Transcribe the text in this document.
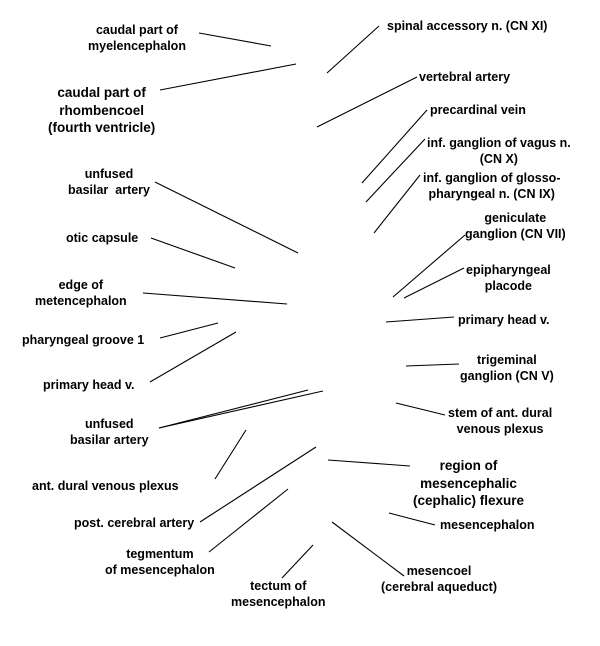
caudal part of
myelencephalon
caudal part of
rhombencoel
(fourth ventricle)
unfused
basilar  artery
otic capsule
edge of
metencephalon
pharyngeal groove 1
primary head v.
unfused
basilar artery
ant. dural venous plexus
post. cerebral artery
tegmentum
of mesencephalon
tectum of
mesencephalon
spinal accessory n. (CN XI)
vertebral artery
precardinal vein
inf. ganglion of vagus n.
(CN X)
inf. ganglion of glosso-
pharyngeal n. (CN IX)
geniculate
ganglion (CN VII)
epipharyngeal
placode
primary head v.
trigeminal
ganglion (CN V)
stem of ant. dural
venous plexus
region of
mesencephalic
(cephalic) flexure
mesencephalon
mesencoel
(cerebral aqueduct)
